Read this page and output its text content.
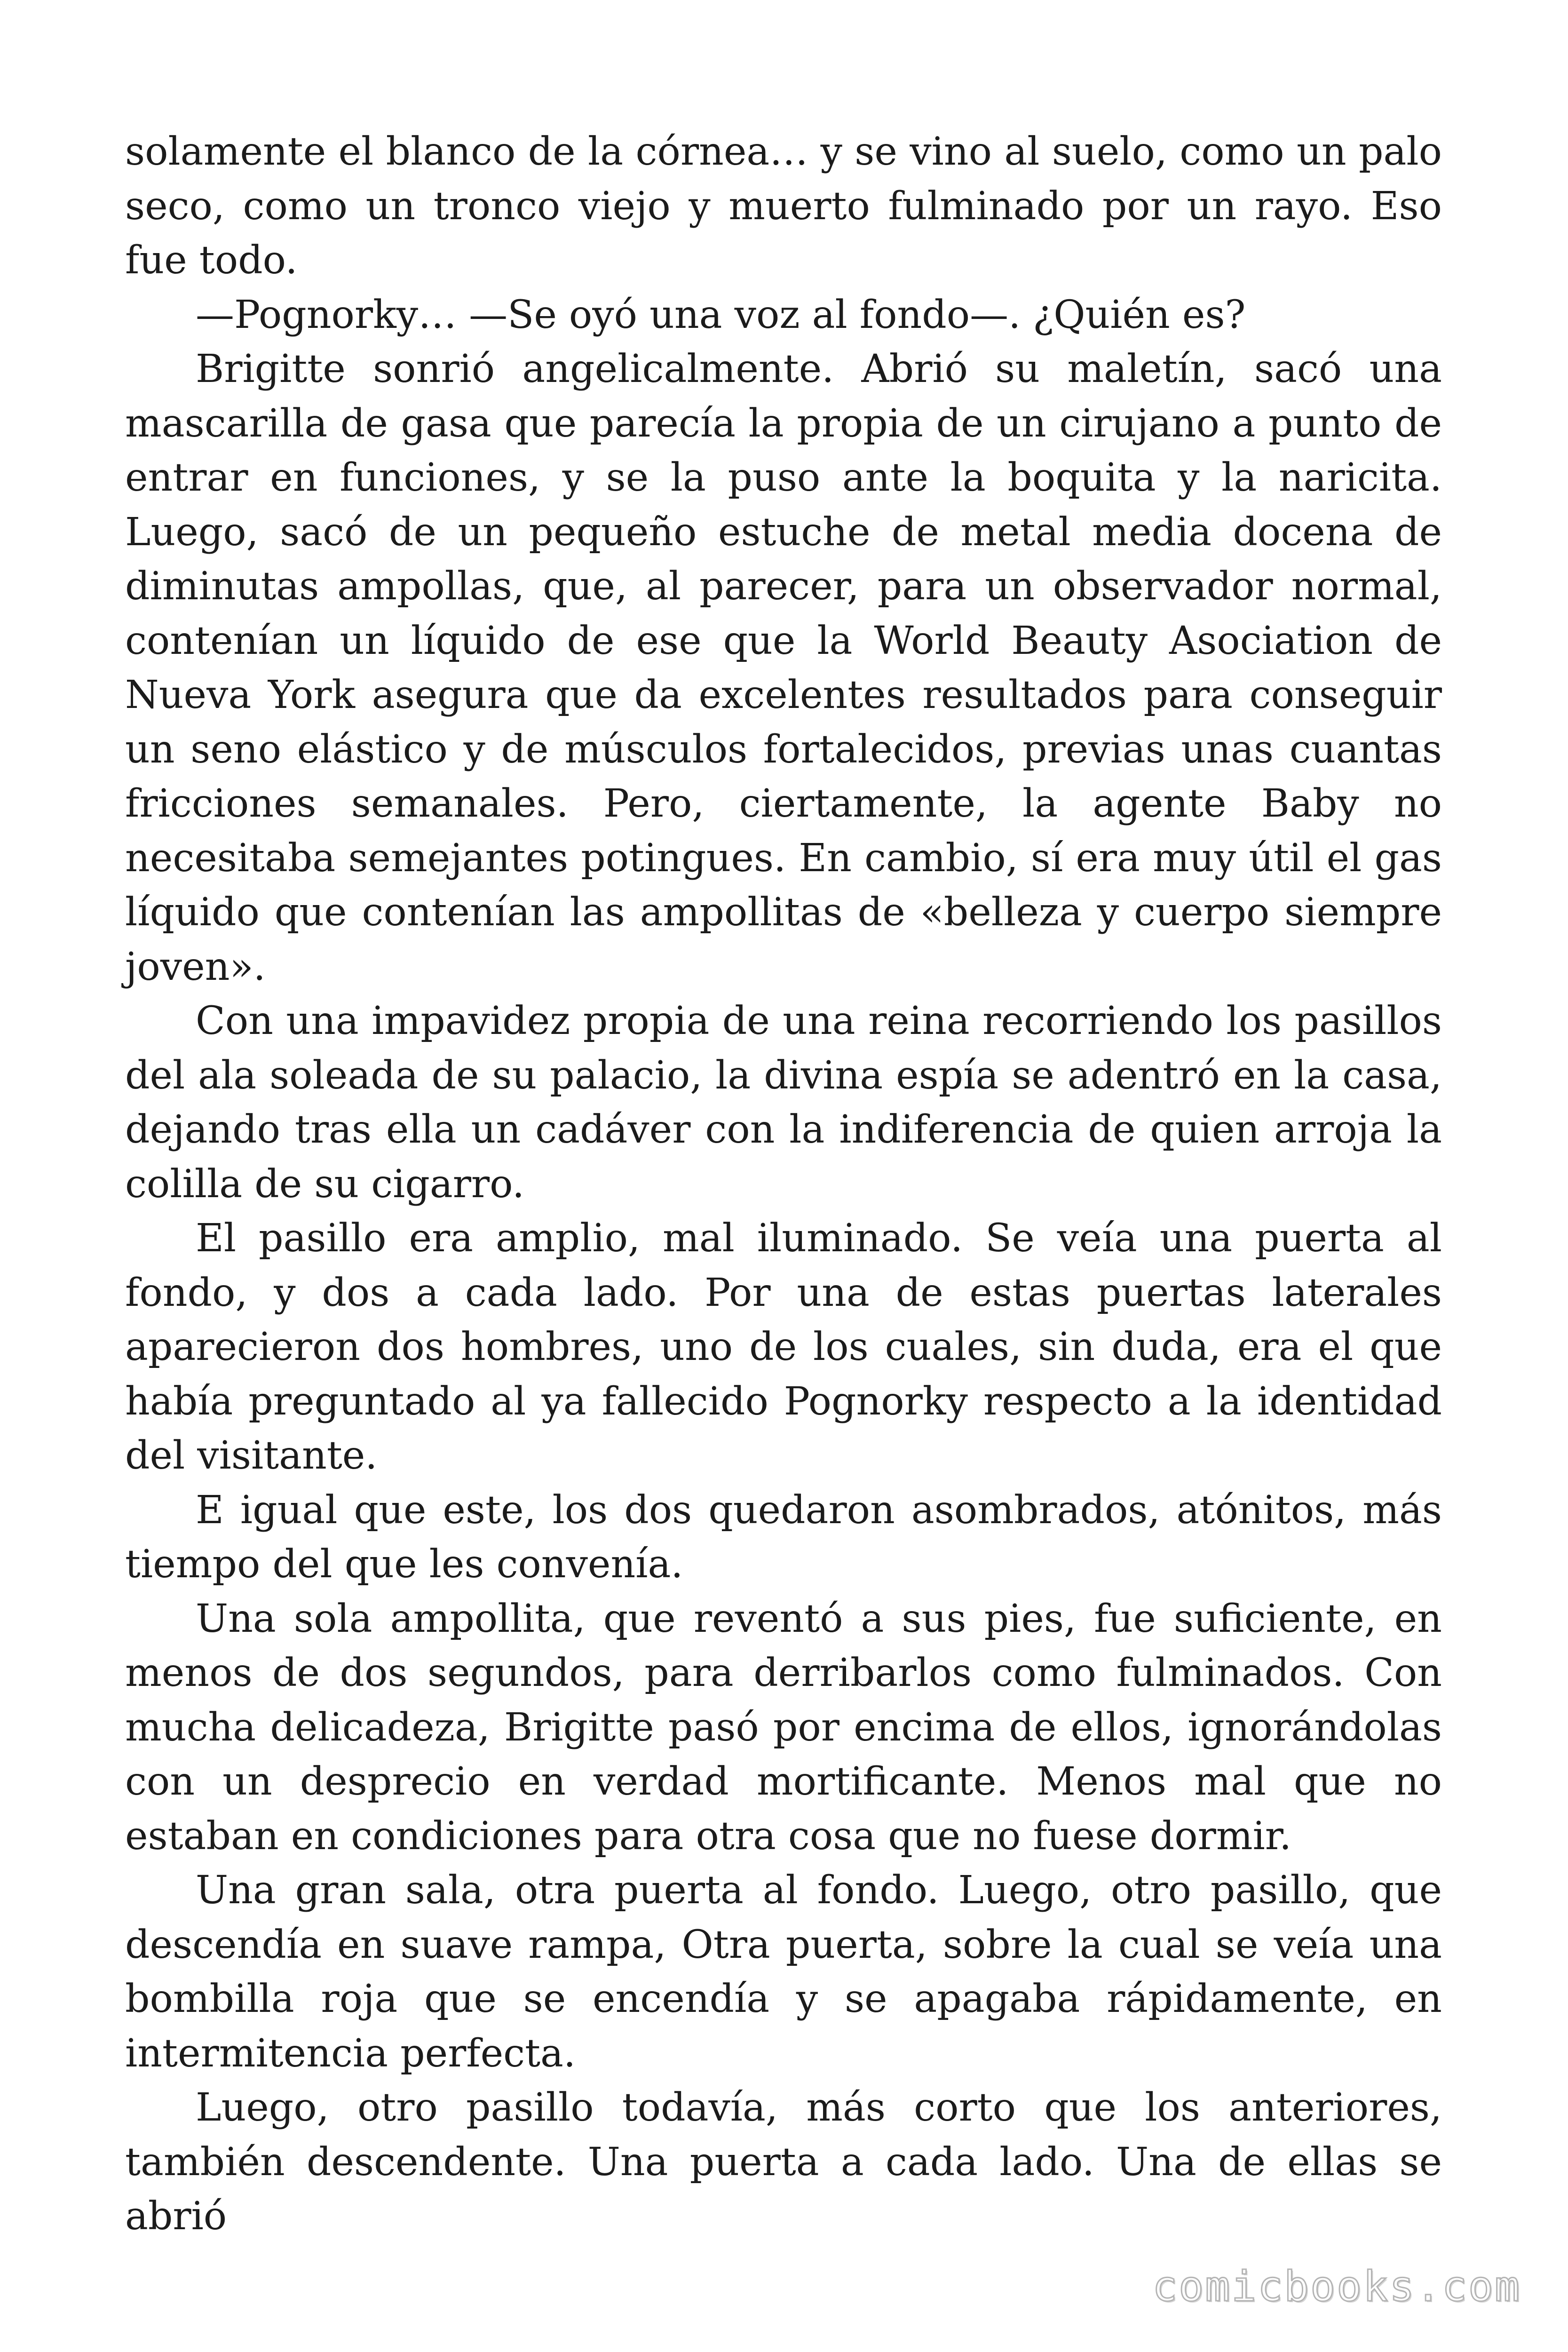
solamente el blanco de la córnea… y se vino al suelo, como un palo seco, como un tronco viejo y muerto fulminado por un rayo. Eso fue todo.

—Pognorky… —Se oyó una voz al fondo—. ¿Quién es?

Brigitte sonrió angelicalmente. Abrió su maletín, sacó una mascarilla de gasa que parecía la propia de un cirujano a punto de entrar en funciones, y se la puso ante la boquita y la naricita. Luego, sacó de un pequeño estuche de metal media docena de diminutas ampollas, que, al parecer, para un observador normal, contenían un líquido de ese que la World Beauty Asociation de Nueva York asegura que da excelentes resultados para conseguir un seno elástico y de músculos fortalecidos, previas unas cuantas fricciones semanales. Pero, ciertamente, la agente Baby no necesitaba semejantes potingues. En cambio, sí era muy útil el gas líquido que contenían las ampollitas de «belleza y cuerpo siempre joven».

Con una impavidez propia de una reina recorriendo los pasillos del ala soleada de su palacio, la divina espía se adentró en la casa, dejando tras ella un cadáver con la indiferencia de quien arroja la colilla de su cigarro.

El pasillo era amplio, mal iluminado. Se veía una puerta al fondo, y dos a cada lado. Por una de estas puertas laterales aparecieron dos hombres, uno de los cuales, sin duda, era el que había preguntado al ya fallecido Pognorky respecto a la identidad del visitante.

E igual que este, los dos quedaron asombrados, atónitos, más tiempo del que les convenía.

Una sola ampollita, que reventó a sus pies, fue suficiente, en menos de dos segundos, para derribarlos como fulminados. Con mucha delicadeza, Brigitte pasó por encima de ellos, ignorándolas con un desprecio en verdad mortificante. Menos mal que no estaban en condiciones para otra cosa que no fuese dormir.

Una gran sala, otra puerta al fondo. Luego, otro pasillo, que descendía en suave rampa, Otra puerta, sobre la cual se veía una bombilla roja que se encendía y se apagaba rápidamente, en intermitencia perfecta.

Luego, otro pasillo todavía, más corto que los anteriores, también descendente. Una puerta a cada lado. Una de ellas se abrió

comicbooks.com
